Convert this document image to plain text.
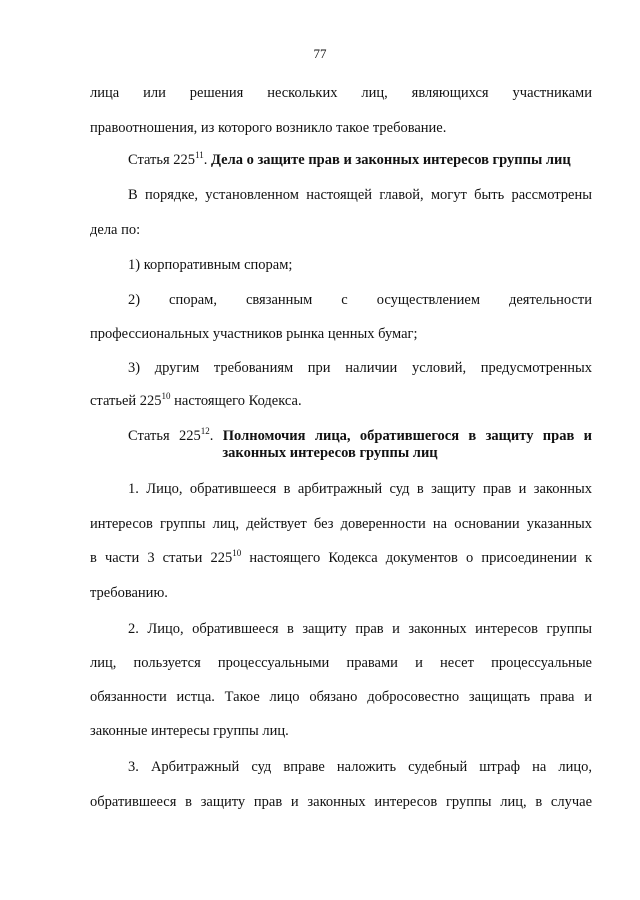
77
лица или решения нескольких лиц, являющихся участниками
правоотношения, из которого возникло такое требование.
Статья $225^{11}$. Дела о защите прав и законных интересов группы лиц
В порядке, установленном настоящей главой, могут быть рассмотрены
дела по:
1) корпоративным спорам;
2) спорам, связанным с осуществлением деятельности
профессиональных участников рынка ценных бумаг;
3) другим требованиям при наличии условий, предусмотренных
статьей $225^{10}$ настоящего Кодекса.
Статья $225^{12}$. Полномочия лица, обратившегося в защиту прав и
законных интересов группы лиц
1. Лицо, обратившееся в арбитражный суд в защиту прав и законных
интересов группы лиц, действует без доверенности на основании указанных
в части 3 статьи $225^{10}$ настоящего Кодекса документов о присоединении к
требованию.
2. Лицо, обратившееся в защиту прав и законных интересов группы
лиц, пользуется процессуальными правами и несет процессуальные
обязанности истца. Такое лицо обязано добросовестно защищать права и
законные интересы группы лиц.
3. Арбитражный суд вправе наложить судебный штраф на лицо,
обратившееся в защиту прав и законных интересов группы лиц, в случае
